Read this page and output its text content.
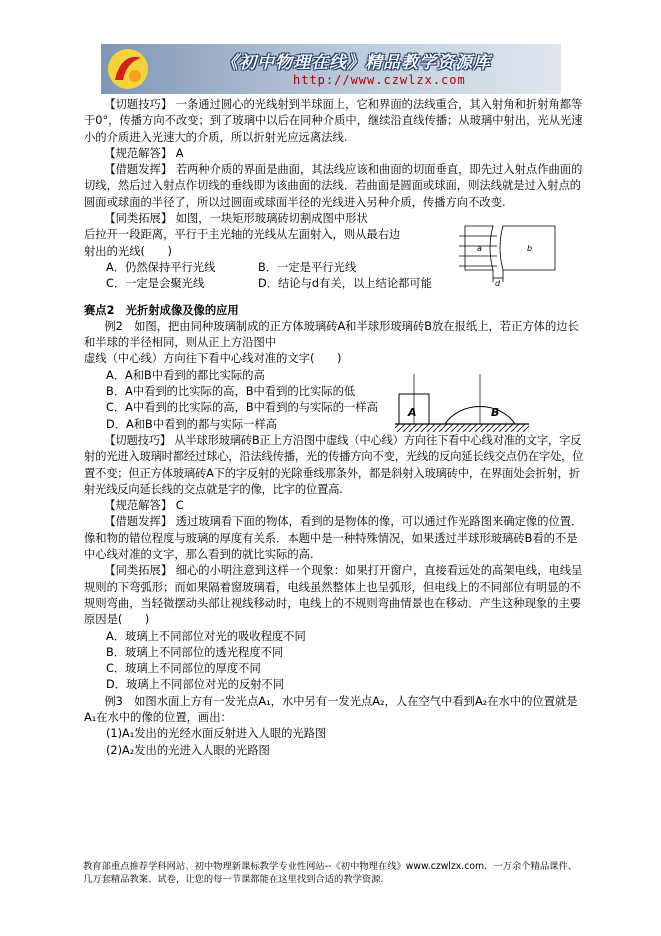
《初中物理在线》精品教学资源库
http://www.czwlzx.com

【切题技巧】 一条通过圆心的光线射到半球面上，它和界面的法线重合，其入射角和折射角都等于0°，传播方向不改变；到了玻璃中以后在同种介质中，继续沿直线传播；从玻璃中射出，光从光速小的介质进入光速大的介质，所以折射光应远离法线.

【规范解答】 A

【借题发挥】 若两种介质的界面是曲面，其法线应该和曲面的切面垂直，即先过入射点作曲面的切线，然后过入射点作切线的垂线即为该曲面的法线．若曲面是圆面或球面，则法线就是过入射点的圆面或球面的半径了，所以过圆面或球面半径的光线进入另种介质，传播方向不改变.

【同类拓展】 如图，一块矩形玻璃砖切割成图中形状

后拉开一段距离，平行于主光轴的光线从左面射入，则从最右边

射出的光线(　　)

A．仍然保持平行光线	B．一定是平行光线
C．一定是会聚光线	D．结论与d有关，以上结论都可能

赛点2　光折射成像及像的应用

例2　如图，把由同种玻璃制成的正方体玻璃砖A和半球形玻璃砖B放在报纸上，若正方体的边长和半球的半径相同，则从正上方沿图中

虚线（中心线）方向往下看中心线对准的文字(　　)

A．A和B中看到的都比实际的高

B．A中看到的比实际的高，B中看到的比实际的低

C．A中看到的比实际的高，B中看到的与实际的一样高

D．A和B中看到的都与实际一样高

【切题技巧】 从半球形玻璃砖B正上方沿图中虚线（中心线）方向往下看中心线对准的文字，字反射的光进入玻璃时都经过球心，沿法线传播，光的传播方向不变，光线的反向延长线交点仍在字处，位置不变；但正方体玻璃砖A下的字反射的光除垂线那条外，都是斜射入玻璃砖中，在界面处会折射，折射光线反向延长线的交点就是字的像，比字的位置高.

【规范解答】 C

【借题发挥】 透过玻璃看下面的物体，看到的是物体的像，可以通过作光路图来确定像的位置．像和物的错位程度与玻璃的厚度有关系．本题中是一种特殊情况，如果透过半球形玻璃砖B看的不是中心线对准的文字，那么看到的就比实际的高.

【同类拓展】 细心的小明注意到这样一个现象：如果打开窗户，直接看远处的高架电线，电线呈规则的下弯弧形；而如果隔着窗玻璃看，电线虽然整体上也呈弧形，但电线上的不同部位有明显的不规则弯曲，当轻微摆动头部让视线移动时，电线上的不规则弯曲情景也在移动．产生这种现象的主要原因是(　　)

A．玻璃上不同部位对光的吸收程度不同

B．玻璃上不同部位的透光程度不同

C．玻璃上不同部位的厚度不同

D．玻璃上不同部位对光的反射不同

例3　如图水面上方有一发光点A₁，水中另有一发光点A₂，人在空气中看到A₂在水中的位置就是A₁在水中的像的位置，画出：

(1)A₁发出的光经水面反射进入人眼的光路图

(2)A₂发出的光进入人眼的光路图

a	b
d
A	B
教育部重点推荐学科网站、初中物理新课标教学专业性网站--《初中物理在线》www.czwlzx.com．一万余个精品课件、几万套精品教案、试卷，让您的每一节课都能在这里找到合适的教学资源.
